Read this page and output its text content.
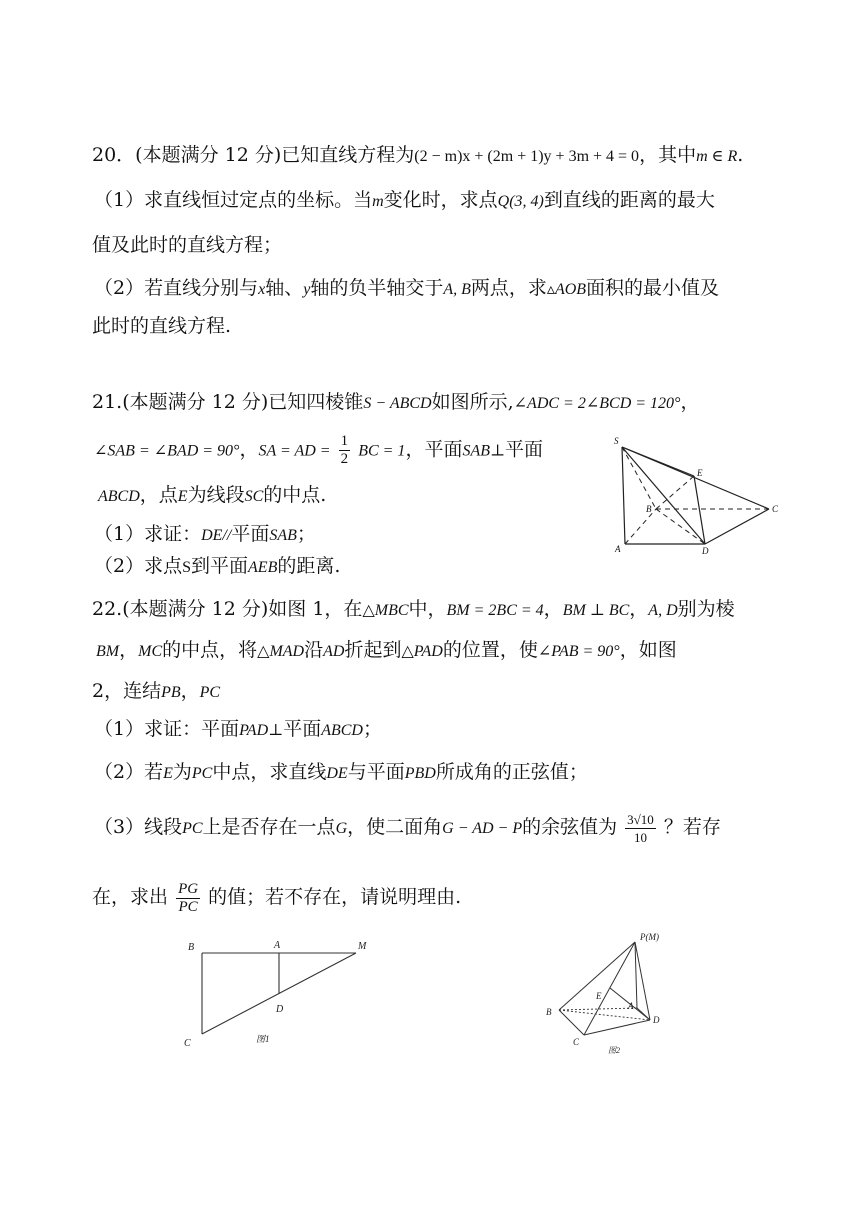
20．(本题满分 12 分)已知直线方程为(2 − m)x + (2m + 1)y + 3m + 4 = 0，其中m ∈ R.
（1）求直线恒过定点的坐标。当m变化时，求点Q(3, 4)到直线的距离的最大
值及此时的直线方程；
（2）若直线分别与x轴、y轴的负半轴交于A, B两点，求▵AOB面积的最小值及
此时的直线方程.
21.(本题满分 12 分)已知四棱锥S − ABCD如图所示,∠ADC = 2∠BCD = 120°，
∠SAB = ∠BAD = 90°，SA = AD = $\frac{1}{2}$ BC = 1，平面SAB⊥平面
ABCD，点E为线段SC的中点.
（1）求证：DE//平面SAB；
（2）求点S到平面AEB的距离.
S
E
B	C
A	D
22.(本题满分 12 分)如图 1，在△MBC中，BM = 2BC = 4，BM ⊥ BC，A, D别为棱
BM，MC的中点，将△MAD沿AD折起到△PAD的位置，使∠PAB = 90°，如图
2，连结PB，PC
（1）求证：平面PAD⊥平面ABCD；
（2）若E为PC中点，求直线DE与平面PBD所成角的正弦值；
（3）线段PC上是否存在一点G，使二面角G − AD − P的余弦值为 $\frac{3√10}{10}$ ？若存
在，求出 $\frac{PG}{PC}$ 的值；若不存在，请说明理由.
B	A	M
D
C	图1
P(M)
E
A
B
D
C
图2
